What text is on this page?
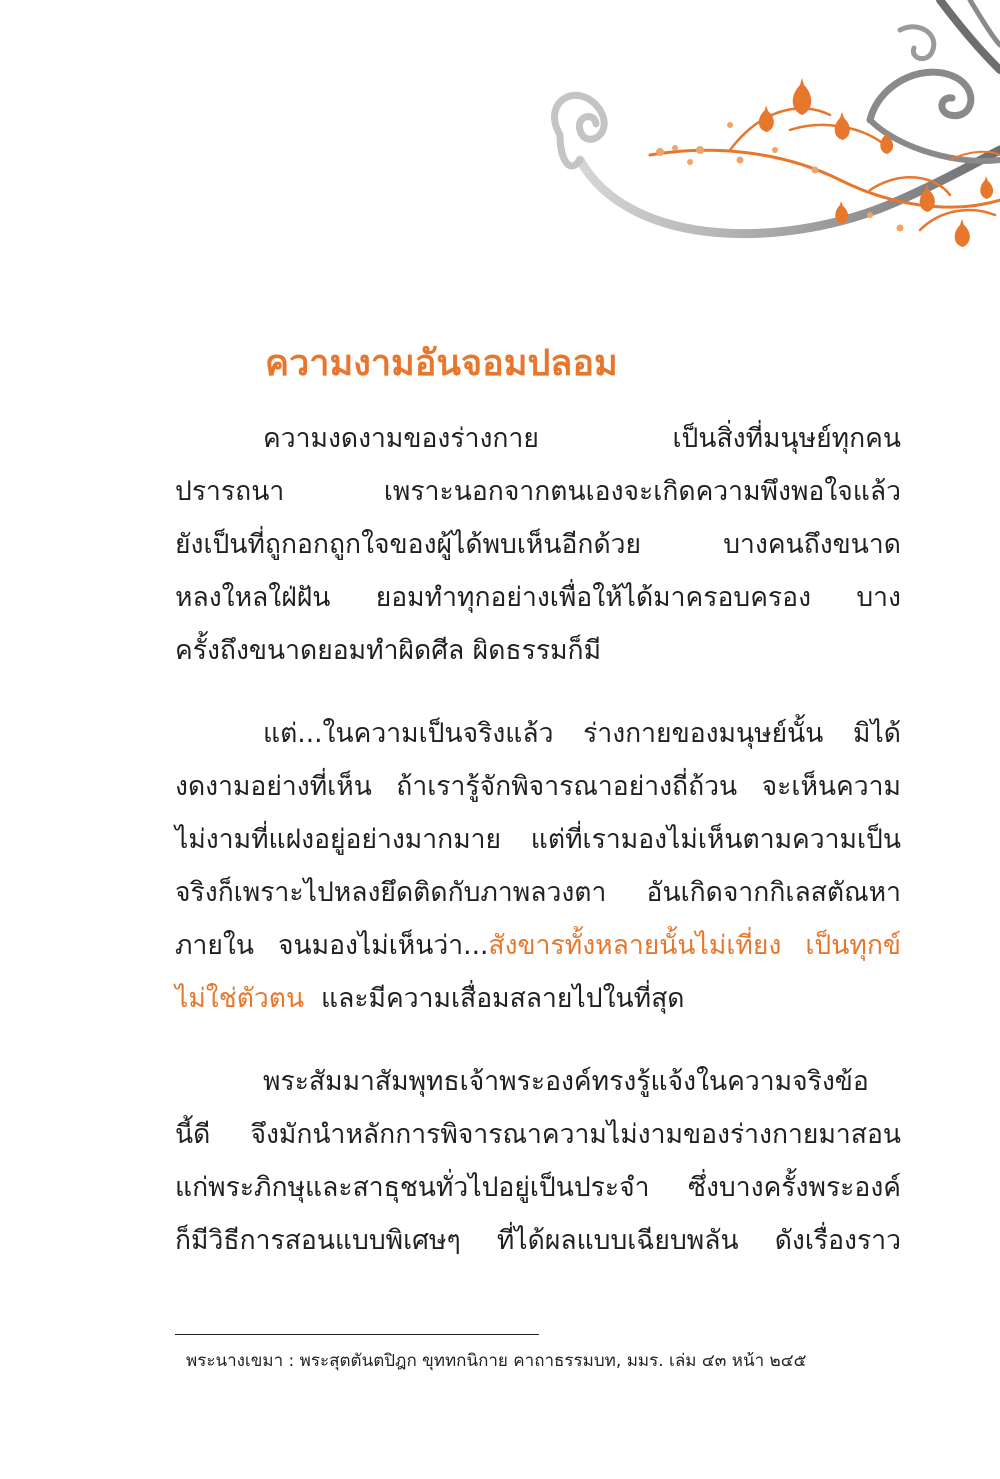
ความงามอันจอมปลอม
ความงดงามของร่างกาย เป็นสิ่งที่มนุษย์ทุกคน
ปรารถนา เพราะนอกจากตนเองจะเกิดความพึงพอใจแล้ว
ยังเป็นที่ถูกอกถูกใจของผู้ได้พบเห็นอีกด้วย บางคนถึงขนาด
หลงใหลใฝ่ฝัน ยอมทำทุกอย่างเพื่อให้ได้มาครอบครอง บาง
ครั้งถึงขนาดยอมทำผิดศีล ผิดธรรมก็มี
แต่...ในความเป็นจริงแล้ว ร่างกายของมนุษย์นั้น มิได้
งดงามอย่างที่เห็น ถ้าเรารู้จักพิจารณาอย่างถี่ถ้วน จะเห็นความ
ไม่งามที่แฝงอยู่อย่างมากมาย แต่ที่เรามองไม่เห็นตามความเป็น
จริงก็เพราะไปหลงยึดติดกับภาพลวงตา อันเกิดจากกิเลสตัณหา
ภายใน จนมองไม่เห็นว่า...สังขารทั้งหลายนั้นไม่เที่ยง เป็นทุกข์
ไม่ใช่ตัวตน และมีความเสื่อมสลายไปในที่สุด
พระสัมมาสัมพุทธเจ้าพระองค์ทรงรู้แจ้งในความจริงข้อ
นี้ดี จึงมักนำหลักการพิจารณาความไม่งามของร่างกายมาสอน
แก่พระภิกษุและสาธุชนทั่วไปอยู่เป็นประจำ ซึ่งบางครั้งพระองค์
ก็มีวิธีการสอนแบบพิเศษๆ ที่ได้ผลแบบเฉียบพลัน ดังเรื่องราว

พระนางเขมา : พระสุตตันตปิฎก ขุททกนิกาย คาถาธรรมบท, มมร. เล่ม ๔๓ หน้า ๒๔๕
